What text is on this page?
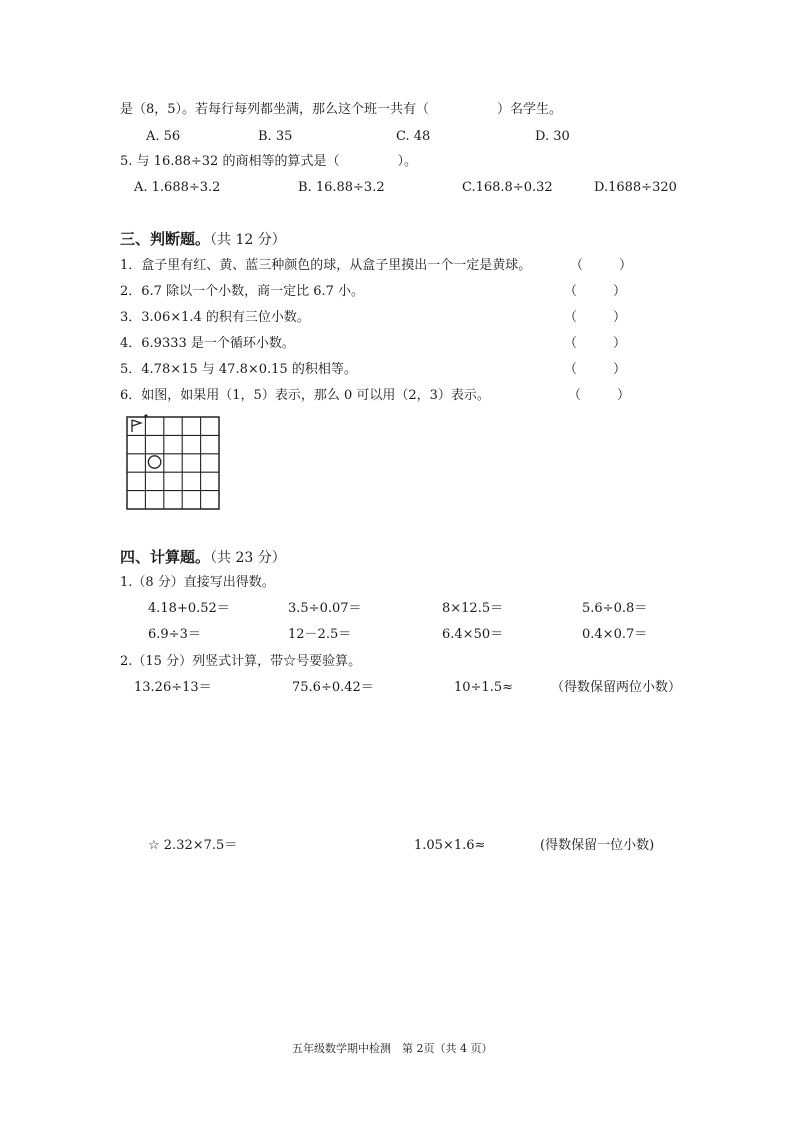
是（8，5）。若每行每列都坐满，那么这个班一共有（	）名学生。
A. 56	B. 35	C. 48	D. 30
5. 与 16.88÷32 的商相等的算式是（	）。
A. 1.688÷3.2	B. 16.88÷3.2	C.168.8÷0.32	D.1688÷320
三、判断题。（共 12 分）
1．盒子里有红、黄、蓝三种颜色的球，从盒子里摸出一个一定是黄球。	（	）
2．6.7 除以一个小数，商一定比 6.7 小。	（	）
3．3.06×1.4 的积有三位小数。	（	）
4．6.9333 是一个循环小数。	（	）
5．4.78×15 与 47.8×0.15 的积相等。	（	）
6．如图，如果用（1，5）表示，那么 0 可以用（2，3）表示。	（	）
四、计算题。（共 23 分）
1.（8 分）直接写出得数。
4.18+0.52＝	3.5÷0.07＝	8×12.5＝	5.6÷0.8＝
6.9÷3＝	12－2.5＝	6.4×50＝	0.4×0.7＝
2.（15 分）列竖式计算，带☆号要验算。
13.26÷13＝	75.6÷0.42＝	10÷1.5≈	（得数保留两位小数）
☆ 2.32×7.5＝	1.05×1.6≈	(得数保留一位小数)
五年级数学期中检测　第 2页（共 4 页）
